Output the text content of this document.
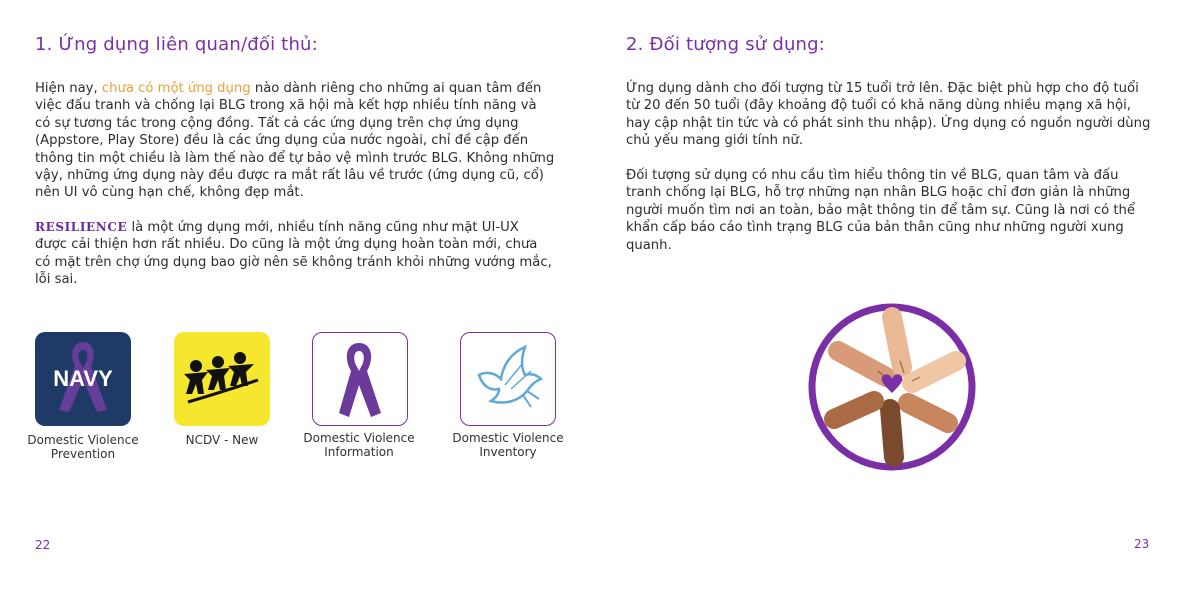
1. Ứng dụng liên quan/đối thủ:

Hiện nay, chưa có một ứng dụng nào dành riêng cho những ai quan tâm đến việc đấu tranh và chống lại BLG trong xã hội mà kết hợp nhiều tính năng và có sự tương tác trong cộng đồng. Tất cả các ứng dụng trên chợ ứng dụng (Appstore, Play Store) đều là các ứng dụng của nước ngoài, chỉ đề cập đến thông tin một chiều là làm thế nào để tự bảo vệ mình trước BLG. Không những vậy, những ứng dụng này đều được ra mắt rất lâu về trước (ứng dụng cũ, cổ) nên UI vô cùng hạn chế, không đẹp mắt.

RESILIENCE là một ứng dụng mới, nhiều tính năng cũng như mặt UI-UX được cải thiện hơn rất nhiều. Do cũng là một ứng dụng hoàn toàn mới, chưa có mặt trên chợ ứng dụng bao giờ nên sẽ không tránh khỏi những vướng mắc, lỗi sai.

NAVY
Domestic Violence Prevention
NCDV - New	Domestic Violence Information
Domestic Violence Inventory
22
2. Đối tượng sử dụng:

Ứng dụng dành cho đối tượng từ 15 tuổi trở lên. Đặc biệt phù hợp cho độ tuổi từ 20 đến 50 tuổi (đây khoảng độ tuổi có khả năng dùng nhiều mạng xã hội, hay cập nhật tin tức và có phát sinh thu nhập). Ứng dụng có nguồn người dùng chủ yếu mang giới tính nữ.

Đối tượng sử dụng có nhu cầu tìm hiểu thông tin về BLG, quan tâm và đấu tranh chống lại BLG, hỗ trợ những nạn nhân BLG hoặc chỉ đơn giản là những người muốn tìm nơi an toàn, bảo mật thông tin để tâm sự. Cũng là nơi có thể khẩn cấp báo cáo tình trạng BLG của bản thân cũng như những người xung quanh.

23
